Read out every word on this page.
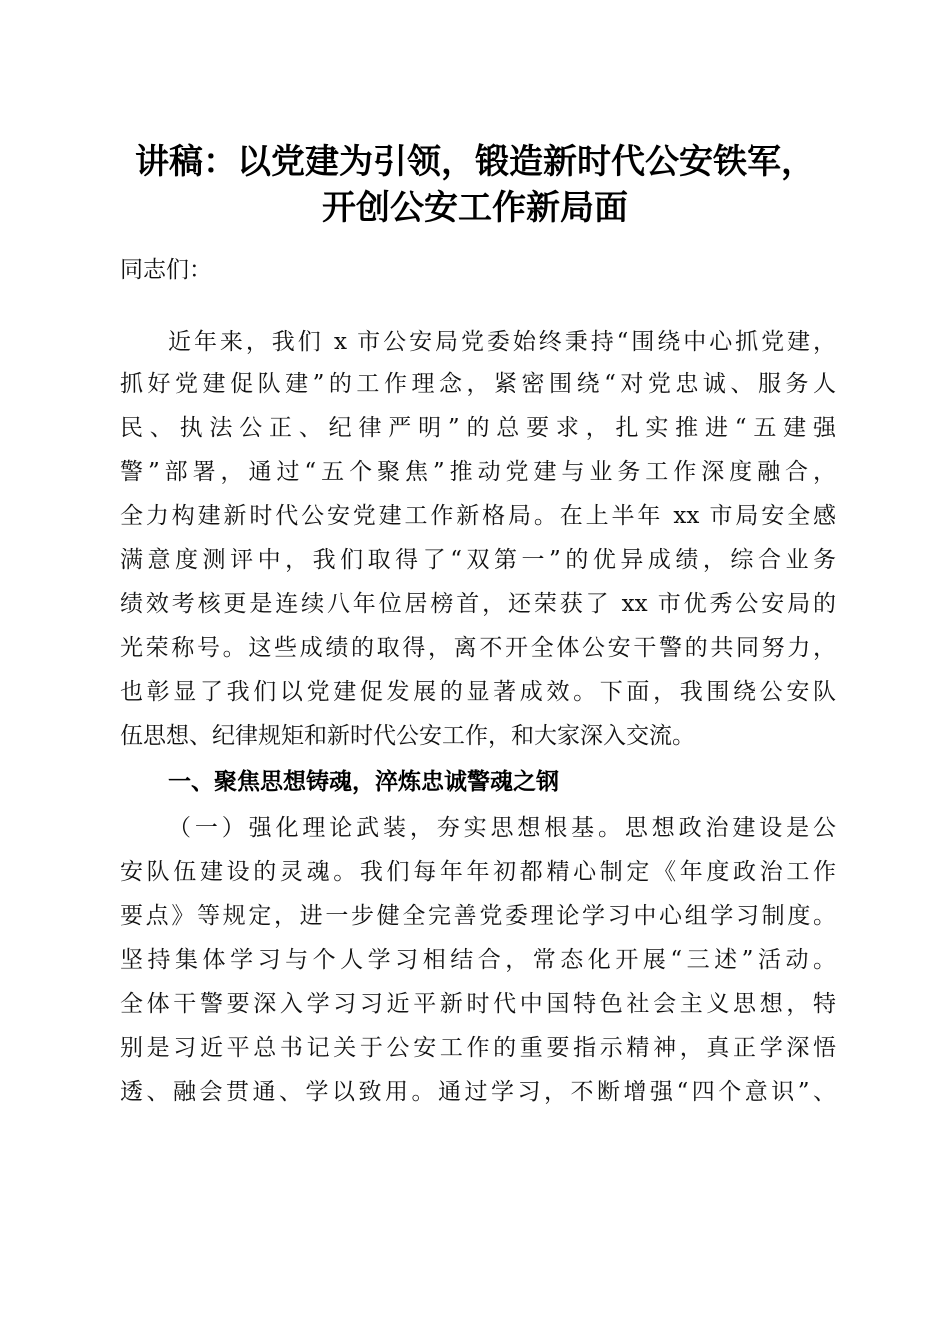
讲稿：以党建为引领，锻造新时代公安铁军，
开创公安工作新局面
同志们：
近年来，我们 x 市公安局党委始终秉持“围绕中心抓党建，
抓好党建促队建”的工作理念，紧密围绕“对党忠诚、服务人
民、执法公正、纪律严明”的总要求，扎实推进“五建强
警”部署，通过“五个聚焦”推动党建与业务工作深度融合，
全力构建新时代公安党建工作新格局。在上半年 xx 市局安全感
满意度测评中，我们取得了“双第一”的优异成绩，综合业务
绩效考核更是连续八年位居榜首，还荣获了 xx 市优秀公安局的
光荣称号。这些成绩的取得，离不开全体公安干警的共同努力，
也彰显了我们以党建促发展的显著成效。下面，我围绕公安队
伍思想、纪律规矩和新时代公安工作，和大家深入交流。
一、聚焦思想铸魂，淬炼忠诚警魂之钢
（一）强化理论武装，夯实思想根基。思想政治建设是公
安队伍建设的灵魂。我们每年年初都精心制定《年度政治工作
要点》等规定，进一步健全完善党委理论学习中心组学习制度。
坚持集体学习与个人学习相结合，常态化开展“三述”活动。
全体干警要深入学习习近平新时代中国特色社会主义思想，特
别是习近平总书记关于公安工作的重要指示精神，真正学深悟
透、融会贯通、学以致用。通过学习，不断增强“四个意识”、
